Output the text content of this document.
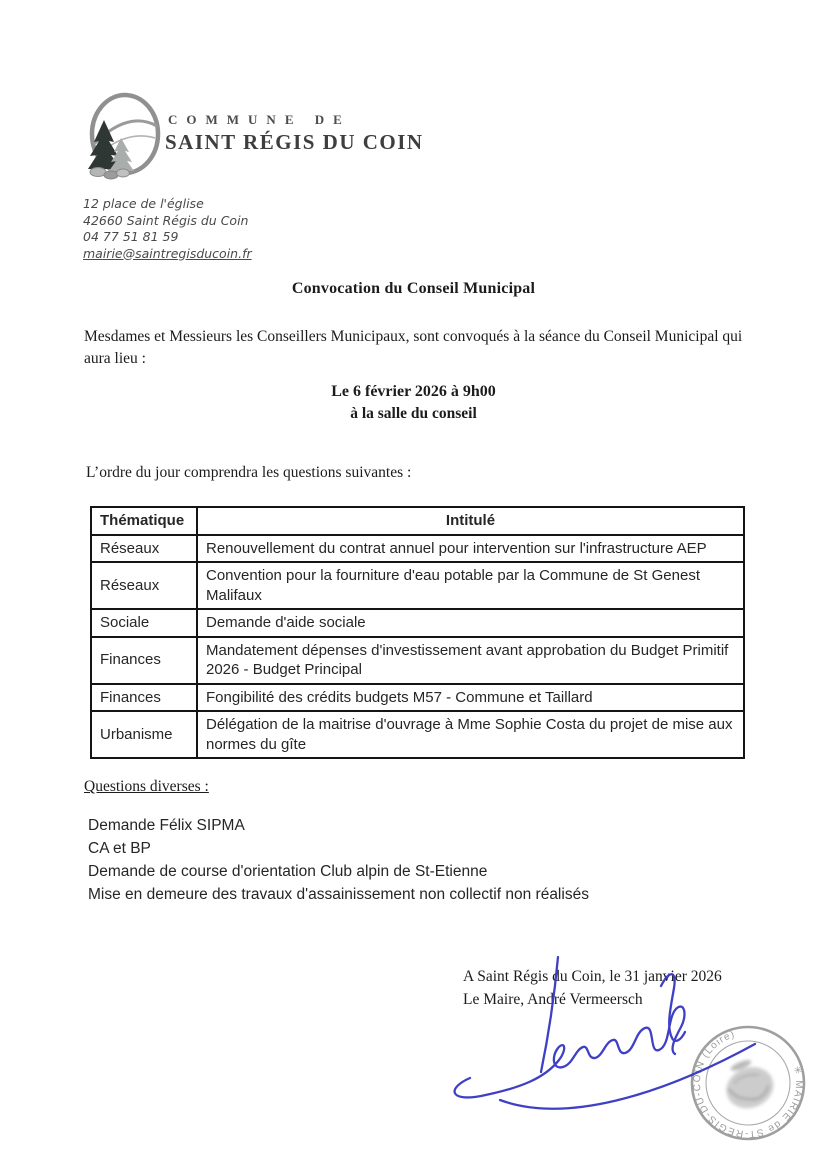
COMMUNE DE
SAINT RÉGIS DU COIN
12 place de l'église
42660 Saint Régis du Coin
04 77 51 81 59
mairie@saintregisducoin.fr
Convocation du Conseil Municipal
Mesdames et Messieurs les Conseillers Municipaux, sont convoqués à la séance du Conseil Municipal qui aura lieu :
Le 6 février 2026 à 9h00
à la salle du conseil
L’ordre du jour comprendra les questions suivantes :
Thématique	Intitulé
Réseaux	Renouvellement du contrat annuel pour intervention sur l'infrastructure AEP
Réseaux	Convention pour la fourniture d'eau potable par la Commune de St Genest Malifaux
Sociale	Demande d'aide sociale
Finances	Mandatement dépenses d'investissement avant approbation du Budget Primitif 2026 - Budget Principal
Finances	Fongibilité des crédits budgets M57 - Commune et Taillard
Urbanisme	Délégation de la maitrise d'ouvrage à Mme Sophie Costa du projet de mise aux normes du gîte
Questions diverses :
Demande Félix SIPMA
CA et BP
Demande de course d'orientation Club alpin de St-Etienne
Mise en demeure des travaux d'assainissement non collectif non réalisés
A Saint Régis du Coin, le 31 janvier 2026
Le Maire, André Vermeersch
✳ MAIRIE de ST-REGIS-DU-COIN (Loire)
